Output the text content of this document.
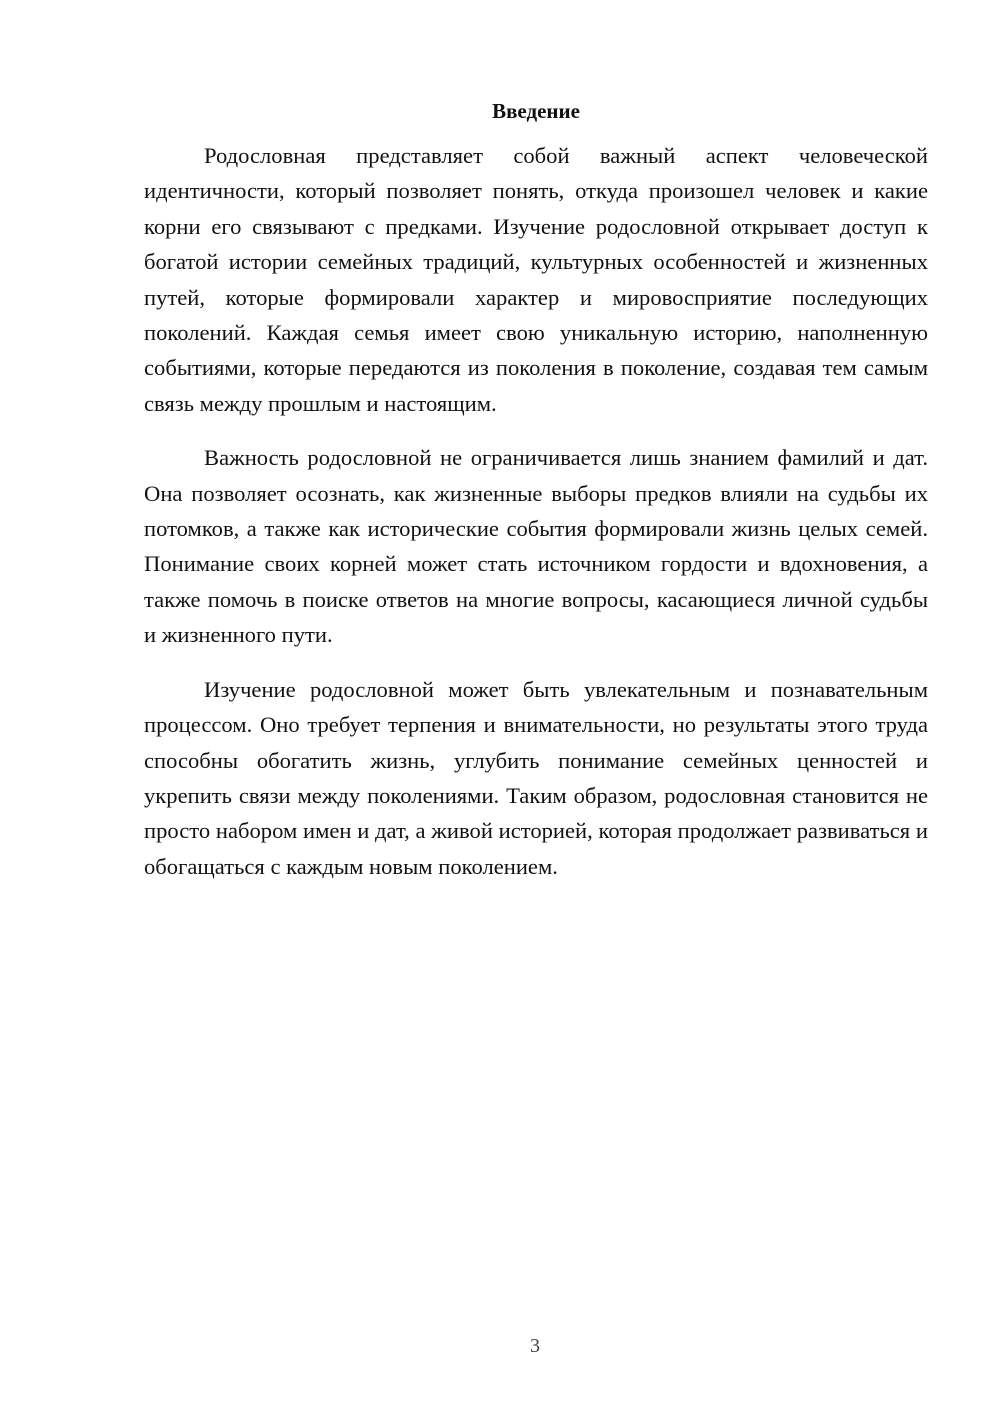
Введение

Родословная представляет собой важный аспект человеческой идентичности, который позволяет понять, откуда произошел человек и какие корни его связывают с предками. Изучение родословной открывает доступ к богатой истории семейных традиций, культурных особенностей и жизненных путей, которые формировали характер и мировосприятие последующих поколений. Каждая семья имеет свою уникальную историю, наполненную событиями, которые передаются из поколения в поколение, создавая тем самым связь между прошлым и настоящим.

Важность родословной не ограничивается лишь знанием фамилий и дат. Она позволяет осознать, как жизненные выборы предков влияли на судьбы их потомков, а также как исторические события формировали жизнь целых семей. Понимание своих корней может стать источником гордости и вдохновения, а также помочь в поиске ответов на многие вопросы, касающиеся личной судьбы и жизненного пути.

Изучение родословной может быть увлекательным и познавательным процессом. Оно требует терпения и внимательности, но результаты этого труда способны обогатить жизнь, углубить понимание семейных ценностей и укрепить связи между поколениями. Таким образом, родословная становится не просто набором имен и дат, а живой историей, которая продолжает развиваться и обогащаться с каждым новым поколением.

3
